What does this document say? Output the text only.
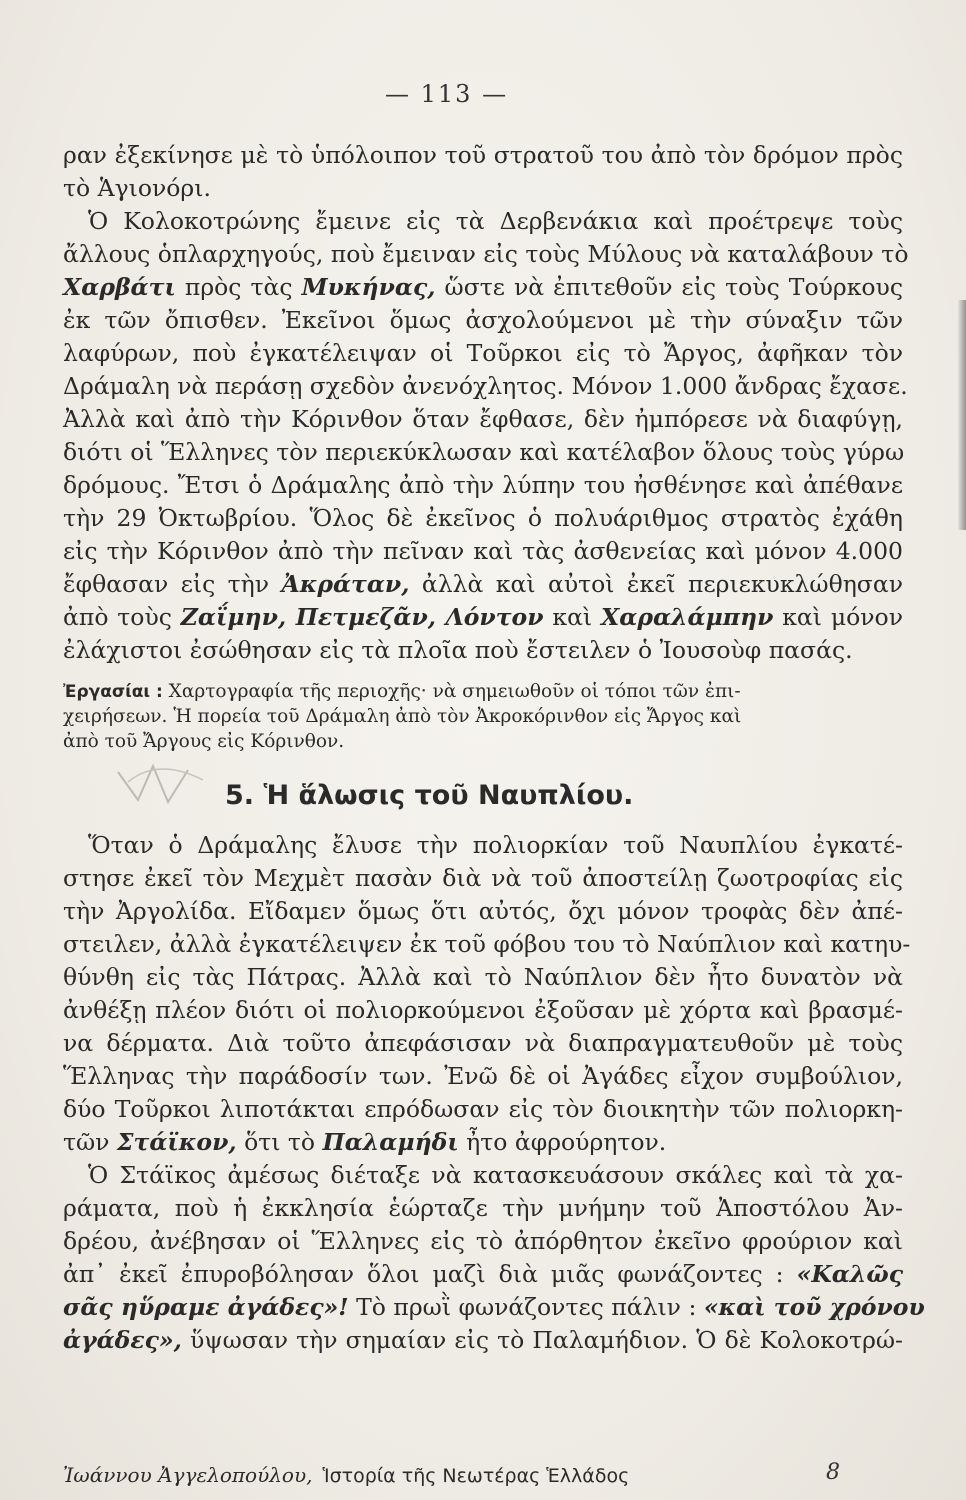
— 113 —
ραν ἐξεκίνησε μὲ τὸ ὑπόλοιπον τοῦ στρατοῦ του ἀπὸ τὸν δρόμον πρὸς
τὸ Ἁγιονόρι.
Ὁ Κολοκοτρώνης ἔμεινε εἰς τὰ Δερβενάκια καὶ προέτρεψε τοὺς
ἄλλους ὁπλαρχηγούς, ποὺ ἔμειναν εἰς τοὺς Μύλους νὰ καταλάβουν τὸ
Χαρβάτι πρὸς τὰς Μυκήνας, ὥστε νὰ ἐπιτεθοῦν εἰς τοὺς Τούρκους
ἐκ τῶν ὄπισθεν. Ἐκεῖνοι ὅμως ἀσχολούμενοι μὲ τὴν σύναξιν τῶν
λαφύρων, ποὺ ἐγκατέλειψαν οἱ Τοῦρκοι εἰς τὸ Ἄργος, ἀφῆκαν τὸν
Δράμαλη νὰ περάσῃ σχεδὸν ἀνενόχλητος. Μόνον 1.000 ἄνδρας ἔχασε.
Ἀλλὰ καὶ ἀπὸ τὴν Κόρινθον ὅταν ἔφθασε, δὲν ἠμπόρεσε νὰ διαφύγῃ,
διότι οἱ Ἕλληνες τὸν περιεκύκλωσαν καὶ κατέλαβον ὅλους τοὺς γύρω
δρόμους. Ἔτσι ὁ Δράμαλης ἀπὸ τὴν λύπην του ἠσθένησε καὶ ἀπέθανε
τὴν 29 Ὀκτωβρίου. Ὅλος δὲ ἐκεῖνος ὁ πολυάριθμος στρατὸς ἐχάθη
εἰς τὴν Κόρινθον ἀπὸ τὴν πεῖναν καὶ τὰς ἀσθενείας καὶ μόνον 4.000
ἔφθασαν εἰς τὴν Ἀκράταν, ἀλλὰ καὶ αὐτοὶ ἐκεῖ περιεκυκλώθησαν
ἀπὸ τοὺς Ζαΐμην, Πετμεζᾶν, Λόντον καὶ Χαραλάμπην καὶ μόνον
ἐλάχιστοι ἐσώθησαν εἰς τὰ πλοῖα ποὺ ἔστειλεν ὁ Ἰουσοὺφ πασάς.
Ἐργασίαι : Χαρτογραφία τῆς περιοχῆς· νὰ σημειωθοῦν οἱ τόποι τῶν ἐπι-
χειρήσεων. Ἡ πορεία τοῦ Δράμαλη ἀπὸ τὸν Ἀκροκόρινθον εἰς Ἄργος καὶ
ἀπὸ τοῦ Ἄργους εἰς Κόρινθον.
5. Ἡ ἅλωσις τοῦ Ναυπλίου.
Ὅταν ὁ Δράμαλης ἔλυσε τὴν πολιορκίαν τοῦ Ναυπλίου ἐγκατέ-
στησε ἐκεῖ τὸν Μεχμὲτ πασὰν διὰ νὰ τοῦ ἀποστείλῃ ζωοτροφίας εἰς
τὴν Ἀργολίδα. Εἴδαμεν ὅμως ὅτι αὐτός, ὄχι μόνον τροφὰς δὲν ἀπέ-
στειλεν, ἀλλὰ ἐγκατέλειψεν ἐκ τοῦ φόβου του τὸ Ναύπλιον καὶ κατηυ-
θύνθη εἰς τὰς Πάτρας. Ἀλλὰ καὶ τὸ Ναύπλιον δὲν ἦτο δυνατὸν νὰ
ἀνθέξῃ πλέον διότι οἱ πολιορκούμενοι ἐξοῦσαν μὲ χόρτα καὶ βρασμέ-
να δέρματα. Διὰ τοῦτο ἀπεφάσισαν νὰ διαπραγματευθοῦν μὲ τοὺς
Ἕλληνας τὴν παράδοσίν των. Ἐνῶ δὲ οἱ Ἀγάδες εἶχον συμβούλιον,
δύο Τοῦρκοι λιποτάκται επρόδωσαν εἰς τὸν διοικητὴν τῶν πολιορκη-
τῶν Στάϊκον, ὅτι τὸ Παλαμήδι ἦτο ἀφρούρητον.
Ὁ Στάϊκος ἀμέσως διέταξε νὰ κατασκευάσουν σκάλες καὶ τὰ χα-
ράματα, ποὺ ἡ ἐκκλησία ἑώρταζε τὴν μνήμην τοῦ Ἀποστόλου Ἀν-
δρέου, ἀνέβησαν οἱ Ἕλληνες εἰς τὸ ἀπόρθητον ἐκεῖνο φρούριον καὶ
ἀπ᾿ ἐκεῖ ἐπυροβόλησαν ὅλοι μαζὶ διὰ μιᾶς φωνάζοντες : «Καλῶς
σᾶς ηὕραμε ἀγάδες»! Τὸ πρωῒ φωνάζοντες πάλιν : «καὶ τοῦ χρόνου
ἀγάδες», ὕψωσαν τὴν σημαίαν εἰς τὸ Παλαμήδιον. Ὁ δὲ Κολοκοτρώ-
Ἰωάννου Ἀγγελοπούλου, Ἱστορία τῆς Νεωτέρας Ἑλλάδος	8
